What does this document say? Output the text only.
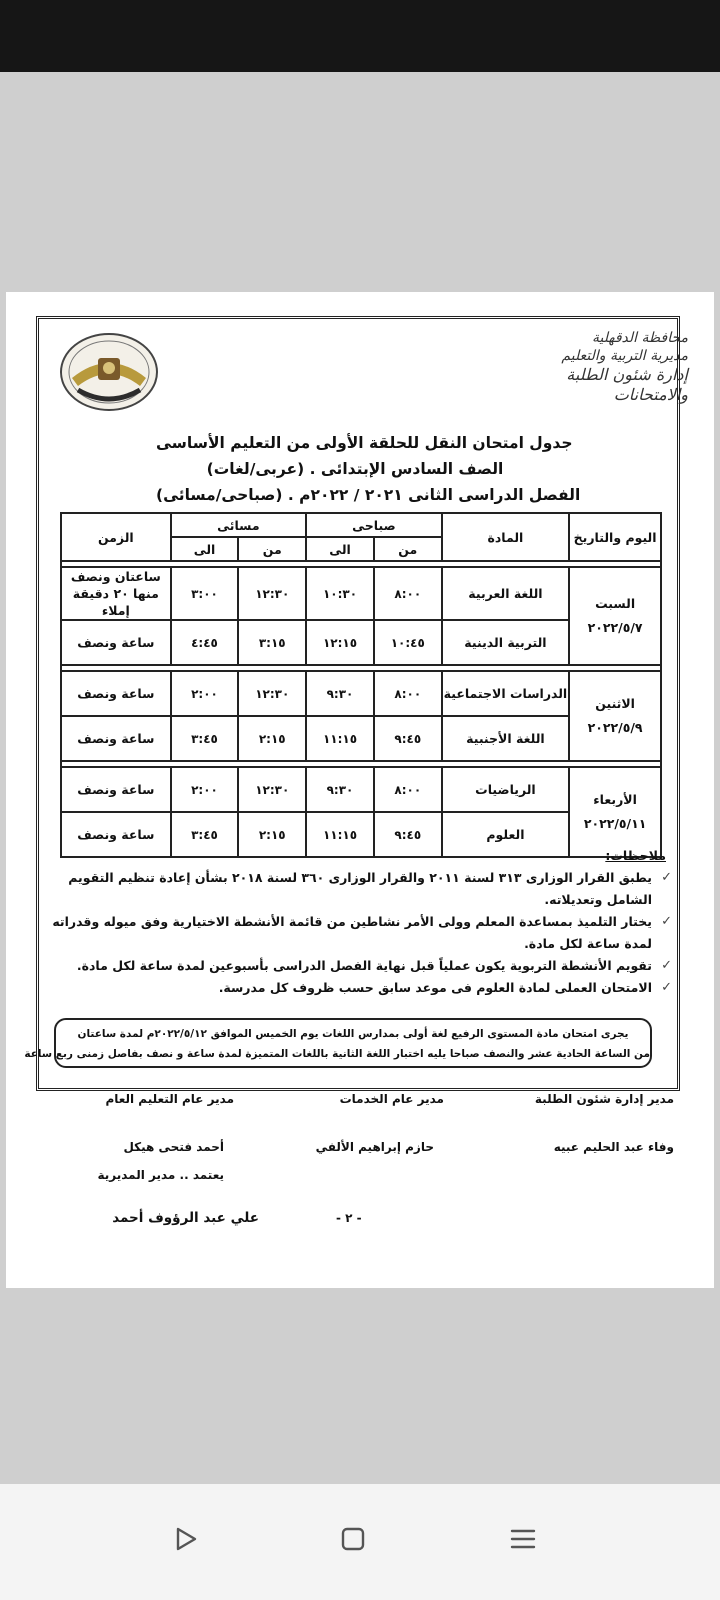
محافظة الدقهلية
مديرية التربية والتعليم
إدارة شئون الطلبة والامتحانات
جدول امتحان النقل للحلقة الأولى من التعليم الأساسى
الصف السادس الإبتدائى . (عربى/لغات)
الفصل الدراسى الثانى ٢٠٢١ / ٢٠٢٢م . (صباحى/مسائى)
اليوم والتاريخ	المادة	صباحى		مسائى		الزمن
		من	الى	من	الى	

السبت
٢٠٢٢/٥/٧	اللغة العربية	٨:٠٠	١٠:٣٠	١٢:٣٠	٣:٠٠	ساعتان ونصف منها ٢٠ دقيقة إملاء
	التربية الدينية	١٠:٤٥	١٢:١٥	٣:١٥	٤:٤٥	ساعة ونصف

الاثنين
٢٠٢٢/٥/٩	الدراسات الاجتماعية	٨:٠٠	٩:٣٠	١٢:٣٠	٢:٠٠	ساعة ونصف
	اللغة الأجنبية	٩:٤٥	١١:١٥	٢:١٥	٣:٤٥	ساعة ونصف

الأربعاء
٢٠٢٢/٥/١١	الرياضيات	٨:٠٠	٩:٣٠	١٢:٣٠	٢:٠٠	ساعة ونصف
	العلوم	٩:٤٥	١١:١٥	٢:١٥	٣:٤٥	ساعة ونصف
ملاحظات:
✓
يطبق القرار الوزارى ٣١٣ لسنة ٢٠١١ والقرار الوزارى ٣٦٠ لسنة ٢٠١٨ بشأن إعادة تنظيم التقويم الشامل وتعديلاته.
✓
يختار التلميذ بمساعدة المعلم وولى الأمر نشاطين من قائمة الأنشطة الاختيارية وفق ميوله وقدراته لمدة ساعة لكل مادة.
✓
تقويم الأنشطة التربوية يكون عملياً قبل نهاية الفصل الدراسى بأسبوعين لمدة ساعة لكل مادة.
✓
الامتحان العملى لمادة العلوم فى موعد سابق حسب ظروف كل مدرسة.
يجرى امتحان مادة المستوى الرفيع لغة أولى بمدارس اللغات يوم الخميس الموافق ٢٠٢٢/٥/١٢م لمدة ساعتان
من الساعة الحادية عشر والنصف صباحا يليه اختبار اللغة الثانية باللغات المتميزة لمدة ساعة و نصف بفاصل زمنى ربع ساعة
مدير إدارة شئون الطلبة
مدير عام الخدمات
مدير عام التعليم العام
وفاء عبد الحليم عبيه
حازم إبراهيم الألفي
أحمد فتحى هيكل
يعتمد .. مدير المديرية
علي عبد الرؤوف أحمد	- ٢ -
